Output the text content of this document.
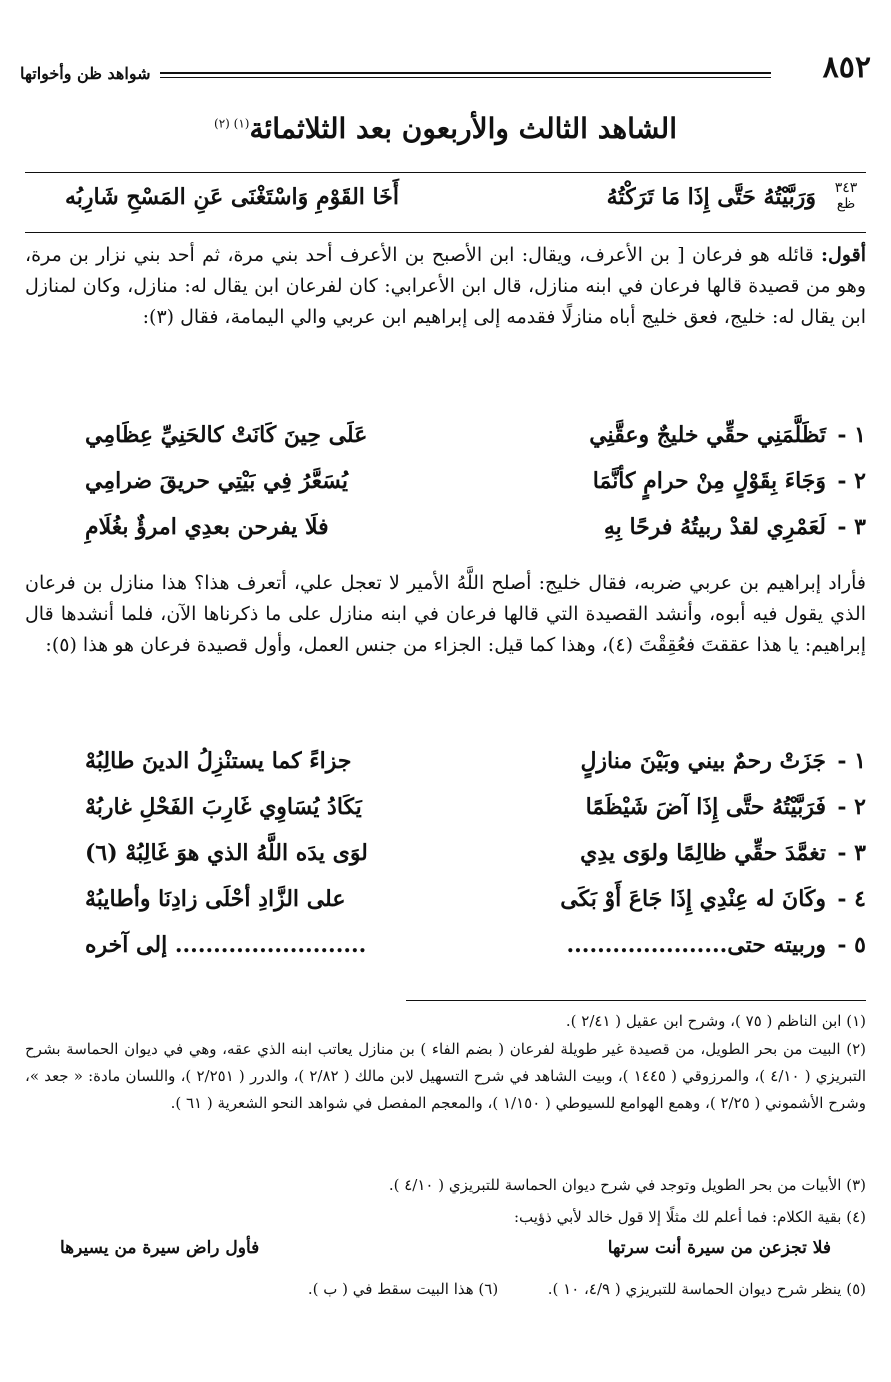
٨٥٢
شواهد ظن وأخواتها
الشاهد الثالث والأربعون بعد الثلاثمائة$^{(١) (٢)}$
٣٤٣
ظع
وَرَبَّيْتُهُ حَتَّى إِذَا مَا تَرَكْتُهُ
أَخَا القَوْمِ وَاسْتَغْنَى عَنِ المَسْحِ شَارِبُه
أقول: قائله هو فرعان [ بن الأعرف، ويقال: ابن الأصبح بن الأعرف أحد بني مرة، ثم أحد بني نزار بن مرة، وهو من قصيدة قالها فرعان في ابنه منازل، قال ابن الأعرابي: كان لفرعان ابن يقال له: منازل، وكان لمنازل ابن يقال له: خليج، فعق خليج أباه منازلًا فقدمه إلى إبراهيم ابن عربي والي اليمامة، فقال (٣):
١ -
تَظَلَّمَنِي حقِّي خليجٌ وعقَّنِي
عَلَى حِينَ كَانَتْ كالحَنِيِّ عِظَامِي
٢ -
وَجَاءَ بِقَوْلٍ مِنْ حرامٍ كأنَّمَا
يُسَعَّرُ فِي بَيْتِي حريقَ ضرامِي
٣ -
لَعَمْرِي لقدْ ربيتُهُ فرحًا بِهِ
فلَا يفرحن بعدِي امرؤٌ بغُلَامِ
فأراد إبراهيم بن عربي ضربه، فقال خليج: أصلح اللَّهُ الأمير لا تعجل علي، أتعرف هذا؟ هذا منازل بن فرعان الذي يقول فيه أبوه، وأنشد القصيدة التي قالها فرعان في ابنه منازل على ما ذكرناها الآن، فلما أنشدها قال إبراهيم: يا هذا عققتَ فعُقِقْتَ (٤)، وهذا كما قيل: الجزاء من جنس العمل، وأول قصيدة فرعان هو هذا (٥):
١ -
جَزَتْ رحمٌ بيني وبَيْنَ منازلٍ
جزاءً كما يستنْزِلُ الدينَ طالِبُهْ
٢ -
فَرَبَّيْتُهُ حتَّى إِذَا آضَ شَيْظَمًا
يَكَادُ يُسَاوِي غَارِبَ الفَحْلِ غاربُهْ
٣ -
تغمَّدَ حقِّي ظالِمًا ولوَى يدِي
لوَى يدَه اللَّهُ الذي هوَ غَالِبُهْ (٦)
٤ -
وكَانَ له عِنْدِي إِذَا جَاعَ أَوْ بَكَى
على الزَّادِ أحْلَى زادِنَا وأطايبُهْ
٥ -
وربيته حتى.....................
......................... إلى آخره
(١) ابن الناظم ( ٧٥ )، وشرح ابن عقيل ( ٢/٤١ ).
(٢) البيت من بحر الطويل، من قصيدة غير طويلة لفرعان ( بضم الفاء ) بن منازل يعاتب ابنه الذي عقه، وهي في ديوان الحماسة بشرح التبريزي ( ٤/١٠ )، والمرزوقي ( ١٤٤٥ )، وبيت الشاهد في شرح التسهيل لابن مالك ( ٢/٨٢ )، والدرر ( ٢/٢٥١ )، واللسان مادة: « جعد »، وشرح الأشموني ( ٢/٢٥ )، وهمع الهوامع للسيوطي ( ١/١٥٠ )، والمعجم المفصل في شواهد النحو الشعرية ( ٦١ ).
(٣) الأبيات من بحر الطويل وتوجد في شرح ديوان الحماسة للتبريزي ( ٤/١٠ ).
(٤) بقية الكلام: فما أعلم لك مثلًا إلا قول خالد لأبي ذؤيب:
فلا تجزعن من سيرة أنت سرتها
فأول راض سيرة من يسيرها
(٥) ينظر شرح ديوان الحماسة للتبريزي ( ٤/٩، ١٠ ).  (٦) هذا البيت سقط في ( ب ).
